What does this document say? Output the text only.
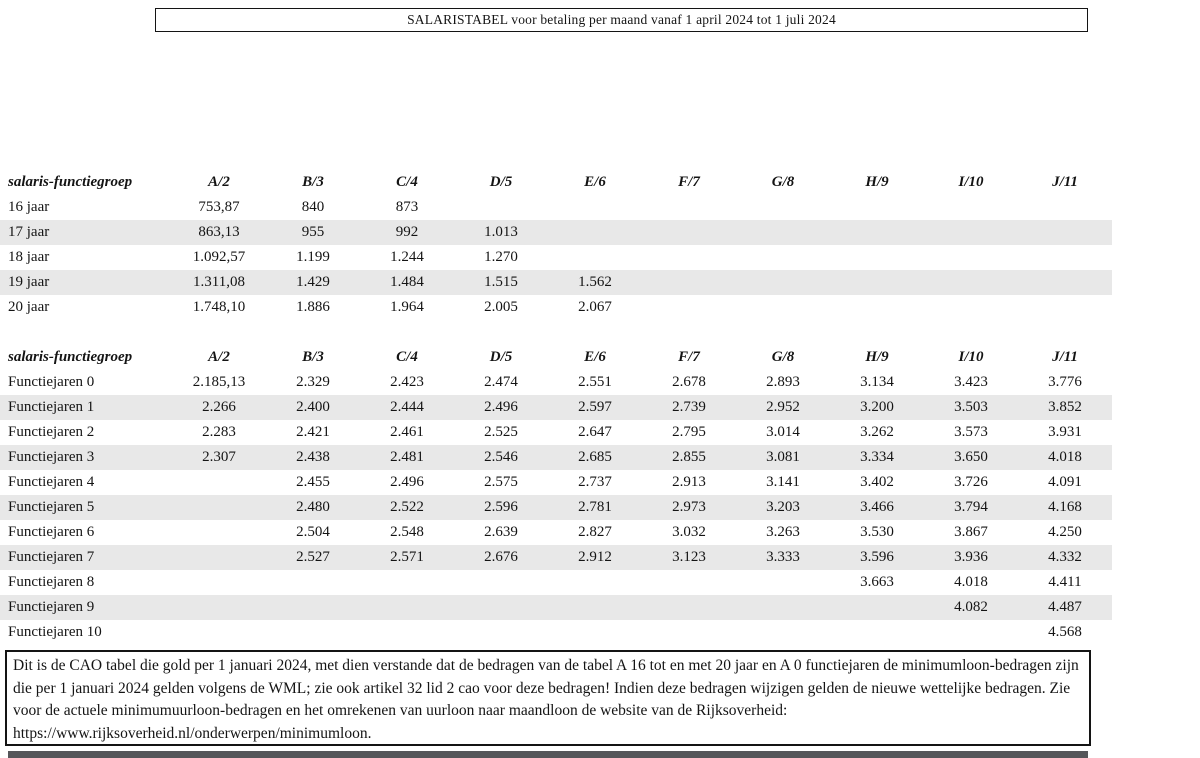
SALARISTABEL voor betaling per maand vanaf 1 april 2024 tot 1 juli 2024
salaris-functiegroep	A/2	B/3	C/4	D/5	E/6	F/7	G/8	H/9	I/10	J/11
16 jaar	753,87	840	873							
17 jaar	863,13	955	992	1.013						
18 jaar	1.092,57	1.199	1.244	1.270						
19 jaar	1.311,08	1.429	1.484	1.515	1.562					
20 jaar	1.748,10	1.886	1.964	2.005	2.067					
salaris-functiegroep	A/2	B/3	C/4	D/5	E/6	F/7	G/8	H/9	I/10	J/11
Functiejaren 0	2.185,13	2.329	2.423	2.474	2.551	2.678	2.893	3.134	3.423	3.776
Functiejaren 1	2.266	2.400	2.444	2.496	2.597	2.739	2.952	3.200	3.503	3.852
Functiejaren 2	2.283	2.421	2.461	2.525	2.647	2.795	3.014	3.262	3.573	3.931
Functiejaren 3	2.307	2.438	2.481	2.546	2.685	2.855	3.081	3.334	3.650	4.018
Functiejaren 4		2.455	2.496	2.575	2.737	2.913	3.141	3.402	3.726	4.091
Functiejaren 5		2.480	2.522	2.596	2.781	2.973	3.203	3.466	3.794	4.168
Functiejaren 6		2.504	2.548	2.639	2.827	3.032	3.263	3.530	3.867	4.250
Functiejaren 7		2.527	2.571	2.676	2.912	3.123	3.333	3.596	3.936	4.332
Functiejaren 8								3.663	4.018	4.411
Functiejaren 9									4.082	4.487
Functiejaren 10										4.568

Dit is de CAO tabel die gold per 1 januari 2024, met dien verstande dat de bedragen van de tabel A 16 tot en met 20 jaar en A 0 functiejaren de minimumloon-bedragen zijn die per 1 januari 2024 gelden volgens de WML; zie ook artikel 32 lid 2 cao voor deze bedragen! Indien deze bedragen wijzigen gelden de nieuwe wettelijke bedragen. Zie voor de actuele minimumuurloon-bedragen en het omrekenen van uurloon naar maandloon de website van de Rijksoverheid: https://www.rijksoverheid.nl/onderwerpen/minimumloon.
